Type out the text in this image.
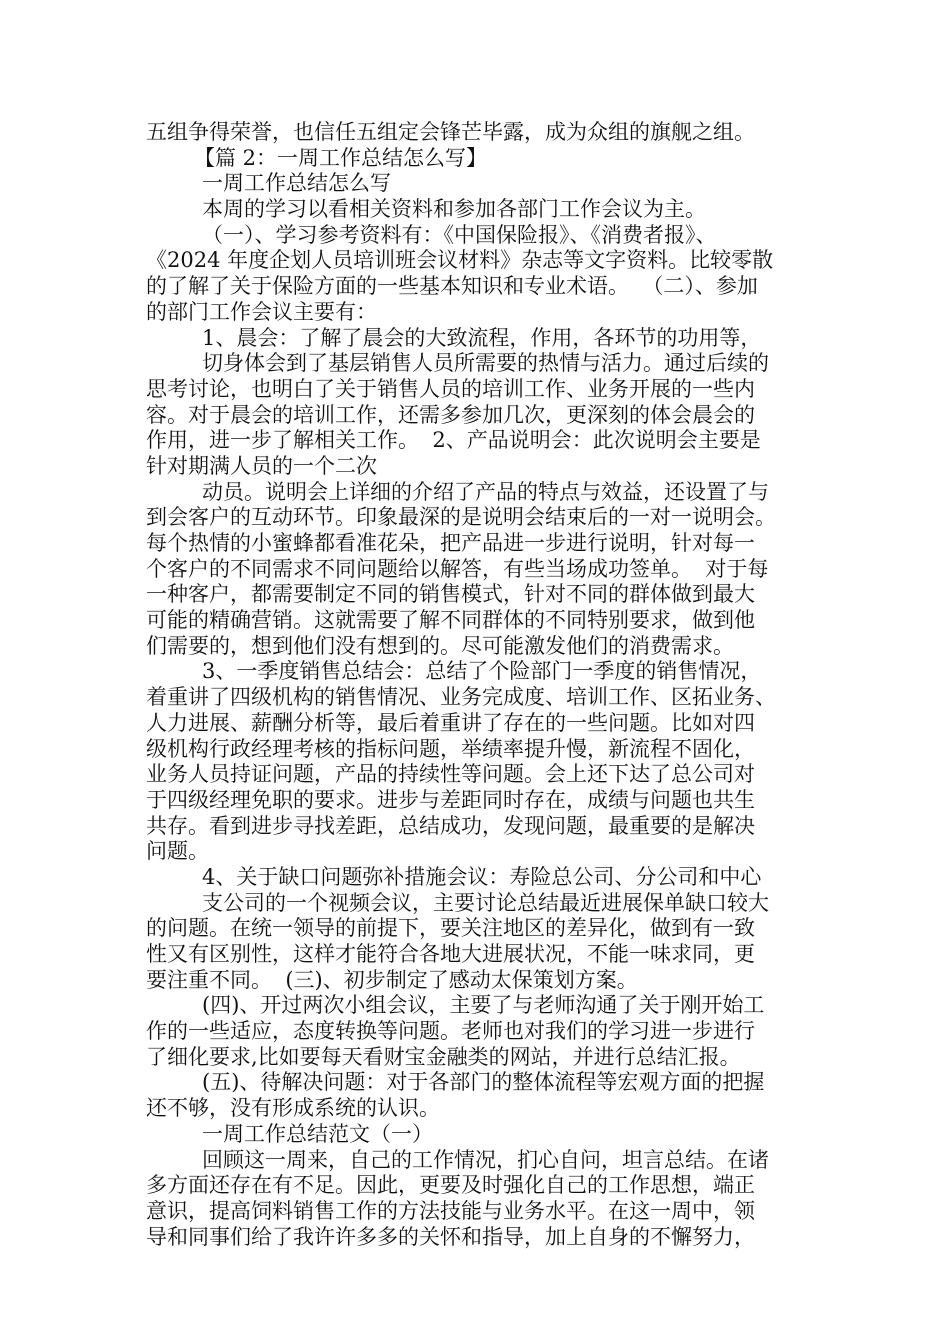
五组争得荣誉，也信任五组定会锋芒毕露，成为众组的旗舰之组。
【篇 2：一周工作总结怎么写】
一周工作总结怎么写
本周的学习以看相关资料和参加各部门工作会议为主。
（一）、学习参考资料有：《中国保险报》、《消费者报》、
《2024 年度企划人员培训班会议材料》杂志等文字资料。比较零散
的了解了关于保险方面的一些基本知识和专业术语。  （二）、参加
的部门工作会议主要有：
1、晨会：了解了晨会的大致流程，作用，各环节的功用等，
切身体会到了基层销售人员所需要的热情与活力。通过后续的
思考讨论，也明白了关于销售人员的培训工作、业务开展的一些内
容。对于晨会的培训工作，还需多参加几次，更深刻的体会晨会的
作用，进一步了解相关工作。  2、产品说明会：此次说明会主要是
针对期满人员的一个二次
动员。说明会上详细的介绍了产品的特点与效益，还设置了与
到会客户的互动环节。印象最深的是说明会结束后的一对一说明会。
每个热情的小蜜蜂都看准花朵，把产品进一步进行说明，针对每一
个客户的不同需求不同问题给以解答，有些当场成功签单。  对于每
一种客户，都需要制定不同的销售模式，针对不同的群体做到最大
可能的精确营销。这就需要了解不同群体的不同特别要求，做到他
们需要的，想到他们没有想到的。尽可能激发他们的消费需求。
3、一季度销售总结会：总结了个险部门一季度的销售情况，
着重讲了四级机构的销售情况、业务完成度、培训工作、区拓业务、
人力进展、薪酬分析等，最后着重讲了存在的一些问题。比如对四
级机构行政经理考核的指标问题，举绩率提升慢，新流程不固化，
业务人员持证问题，产品的持续性等问题。会上还下达了总公司对
于四级经理免职的要求。进步与差距同时存在，成绩与问题也共生
共存。看到进步寻找差距，总结成功，发现问题，最重要的是解决
问题。
4、关于缺口问题弥补措施会议：寿险总公司、分公司和中心
支公司的一个视频会议，主要讨论总结最近进展保单缺口较大
的问题。在统一领导的前提下，要关注地区的差异化，做到有一致
性又有区别性，这样才能符合各地大进展状况，不能一味求同，更
要注重不同。  (三)、初步制定了感动太保策划方案。
(四)、开过两次小组会议，主要了与老师沟通了关于刚开始工
作的一些适应，态度转换等问题。老师也对我们的学习进一步进行
了细化要求,比如要每天看财宝金融类的网站，并进行总结汇报。
(五)、待解决问题：对于各部门的整体流程等宏观方面的把握
还不够，没有形成系统的认识。
一周工作总结范文（一）
回顾这一周来，自己的工作情况，扪心自问，坦言总结。在诸
多方面还存在有不足。因此，更要及时强化自己的工作思想，端正
意识，提高饲料销售工作的方法技能与业务水平。在这一周中，领
导和同事们给了我许许多多的关怀和指导，加上自身的不懈努力，
